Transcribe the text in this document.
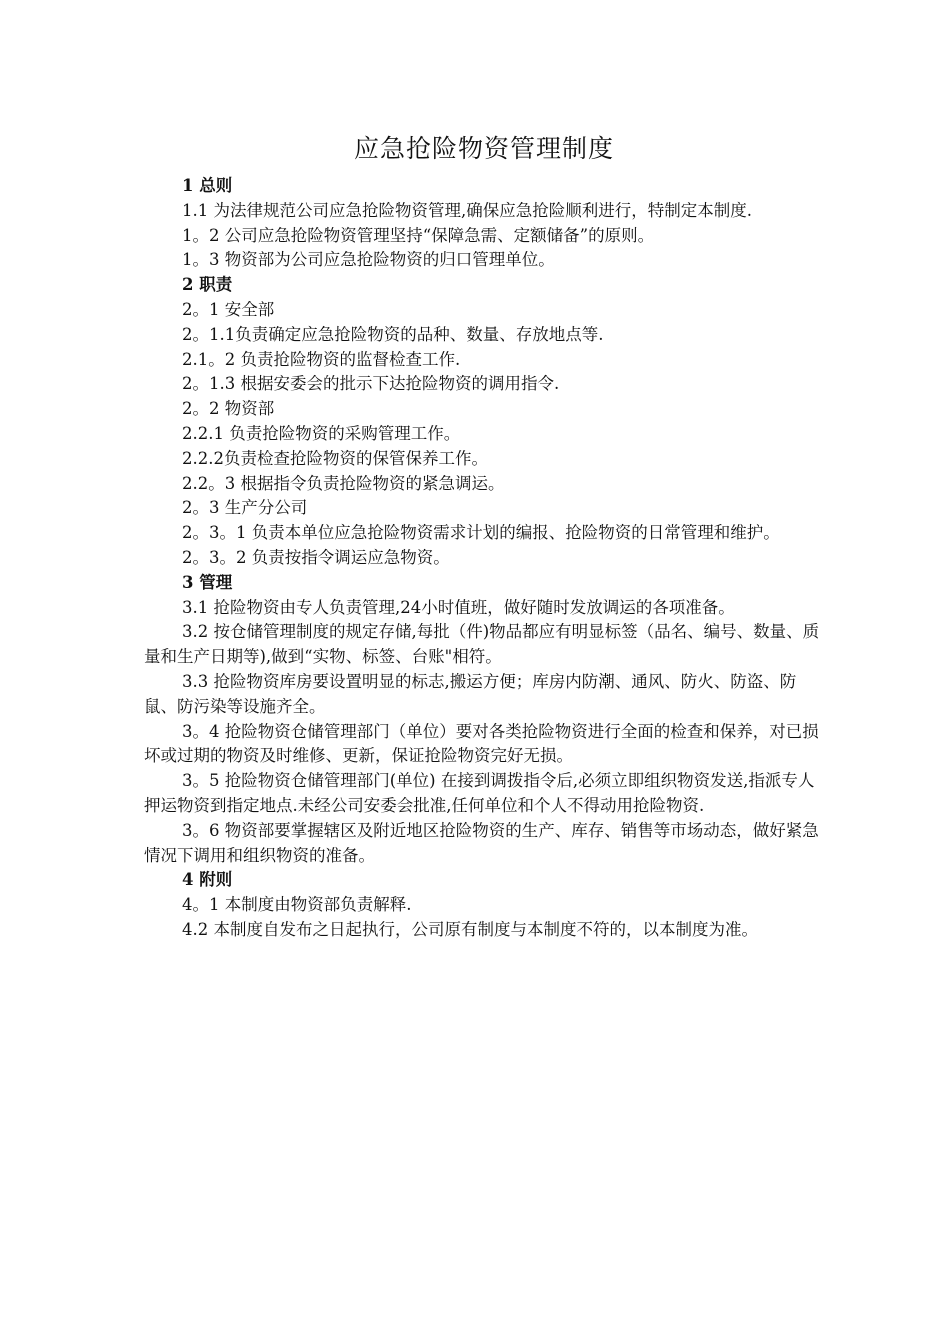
应急抢险物资管理制度

1 总则

1.1 为法律规范公司应急抢险物资管理,确保应急抢险顺利进行，特制定本制度.

1。2 公司应急抢险物资管理坚持“保障急需、定额储备”的原则。

1。3 物资部为公司应急抢险物资的归口管理单位。

2 职责

2。1 安全部

2。1.1负责确定应急抢险物资的品种、数量、存放地点等.

2.1。2 负责抢险物资的监督检查工作.

2。1.3 根据安委会的批示下达抢险物资的调用指令.

2。2 物资部

2.2.1 负责抢险物资的采购管理工作。

2.2.2负责检查抢险物资的保管保养工作。

2.2。3 根据指令负责抢险物资的紧急调运。

2。3 生产分公司

2。3。1 负责本单位应急抢险物资需求计划的编报、抢险物资的日常管理和维护。

2。3。2 负责按指令调运应急物资。

3 管理

3.1 抢险物资由专人负责管理,24小时值班，做好随时发放调运的各项准备。

3.2 按仓储管理制度的规定存储,每批（件)物品都应有明显标签（品名、编号、数量、质量和生产日期等),做到“实物、标签、台账"相符。

3.3 抢险物资库房要设置明显的标志,搬运方便；库房内防潮、通风、防火、防盗、防鼠、防污染等设施齐全。

3。4 抢险物资仓储管理部门（单位）要对各类抢险物资进行全面的检查和保养，对已损坏或过期的物资及时维修、更新，保证抢险物资完好无损。

3。5 抢险物资仓储管理部门(单位) 在接到调拨指令后,必须立即组织物资发送,指派专人押运物资到指定地点.未经公司安委会批准,任何单位和个人不得动用抢险物资.

3。6 物资部要掌握辖区及附近地区抢险物资的生产、库存、销售等市场动态，做好紧急情况下调用和组织物资的准备。

4 附则

4。1 本制度由物资部负责解释.

4.2 本制度自发布之日起执行，公司原有制度与本制度不符的，以本制度为准。
